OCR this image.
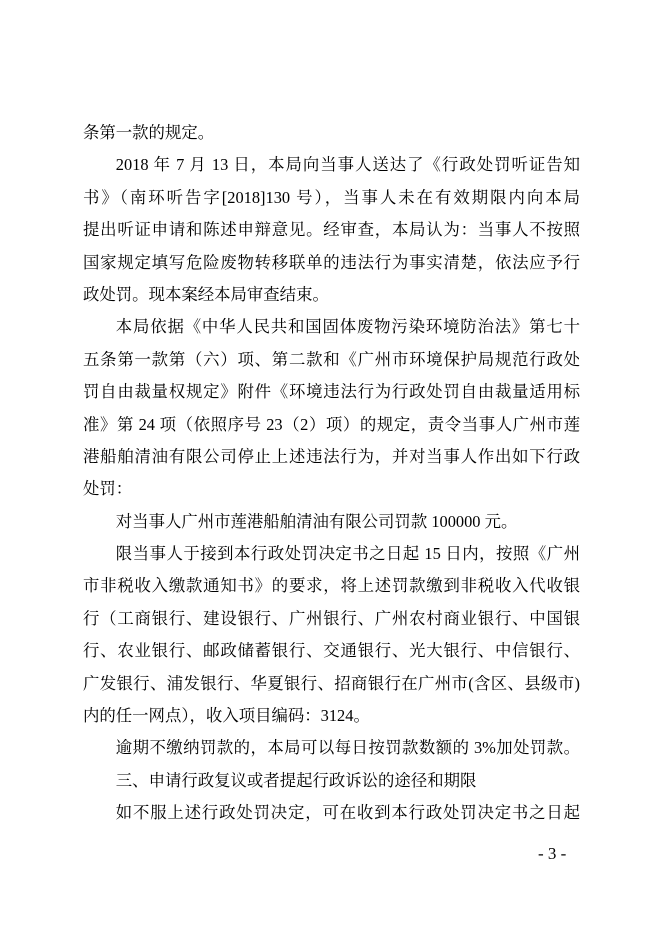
条第一款的规定。
2018 年 7 月 13 日，本局向当事人送达了《行政处罚听证告知
书》（南环听告字[2018]130 号），当事人未在有效期限内向本局
提出听证申请和陈述申辩意见。经审查，本局认为：当事人不按照
国家规定填写危险废物转移联单的违法行为事实清楚，依法应予行
政处罚。现本案经本局审查结束。
本局依据《中华人民共和国固体废物污染环境防治法》第七十
五条第一款第（六）项、第二款和《广州市环境保护局规范行政处
罚自由裁量权规定》附件《环境违法行为行政处罚自由裁量适用标
准》第 24 项（依照序号 23（2）项）的规定，责令当事人广州市莲
港船舶清油有限公司停止上述违法行为，并对当事人作出如下行政
处罚：
对当事人广州市莲港船舶清油有限公司罚款 100000 元。
限当事人于接到本行政处罚决定书之日起 15 日内，按照《广州
市非税收入缴款通知书》的要求，将上述罚款缴到非税收入代收银
行（工商银行、建设银行、广州银行、广州农村商业银行、中国银
行、农业银行、邮政储蓄银行、交通银行、光大银行、中信银行、
广发银行、浦发银行、华夏银行、招商银行在广州市(含区、县级市)
内的任一网点），收入项目编码：3124。
逾期不缴纳罚款的，本局可以每日按罚款数额的 3%加处罚款。
三、申请行政复议或者提起行政诉讼的途径和期限
如不服上述行政处罚决定，可在收到本行政处罚决定书之日起
- 3 -
